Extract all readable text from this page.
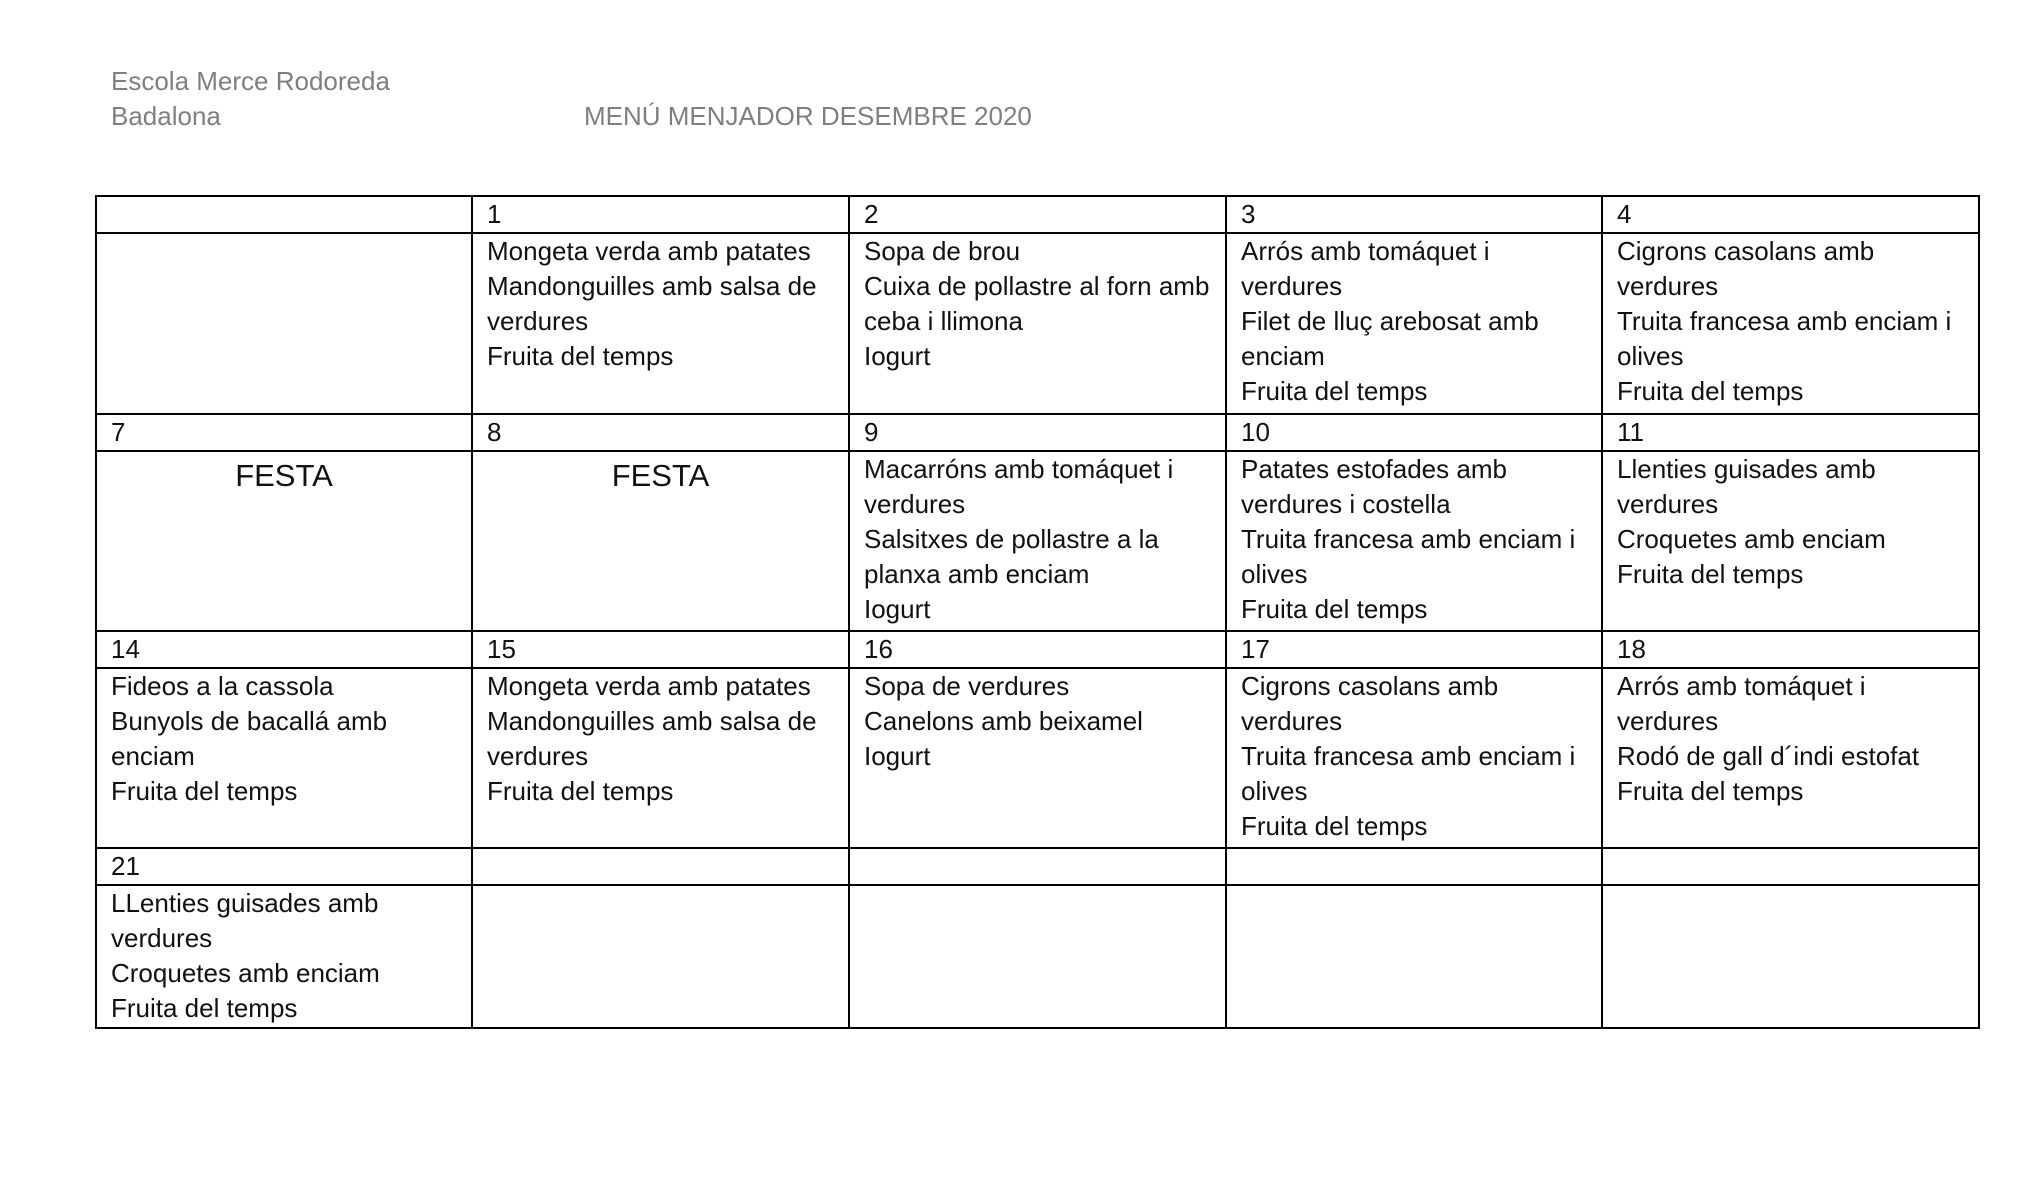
Escola Merce Rodoreda
Badalona	MENÚ MENJADOR DESEMBRE 2020
	1	2	3	4

	Mongeta verda amb patates
Mandonguilles amb salsa de verdures
Fruita del temps	Sopa de brou
Cuixa de pollastre al forn amb ceba i llimona
Iogurt	Arrós amb tomáquet i verdures
Filet de lluç arebosat amb enciam
Fruita del temps	Cigrons casolans amb verdures
Truita francesa amb enciam i olives
Fruita del temps

7	8	9	10	11

FESTA	FESTA	Macarróns amb tomáquet i verdures
Salsitxes de pollastre a la planxa amb enciam
Iogurt	Patates estofades amb verdures i costella
Truita francesa amb enciam i olives
Fruita del temps	Llenties guisades amb verdures
Croquetes amb enciam
Fruita del temps

14	15	16	17	18

Fideos a la cassola
Bunyols de bacallá amb enciam
Fruita del temps	Mongeta verda amb patates
Mandonguilles amb salsa de verdures
Fruita del temps	Sopa de verdures
Canelons amb beixamel
Iogurt	Cigrons casolans amb verdures
Truita francesa amb enciam i olives
Fruita del temps	Arrós amb tomáquet i verdures
Rodó de gall d´indi estofat
Fruita del temps

21				

LLenties guisades amb verdures
Croquetes amb enciam
Fruita del temps				
